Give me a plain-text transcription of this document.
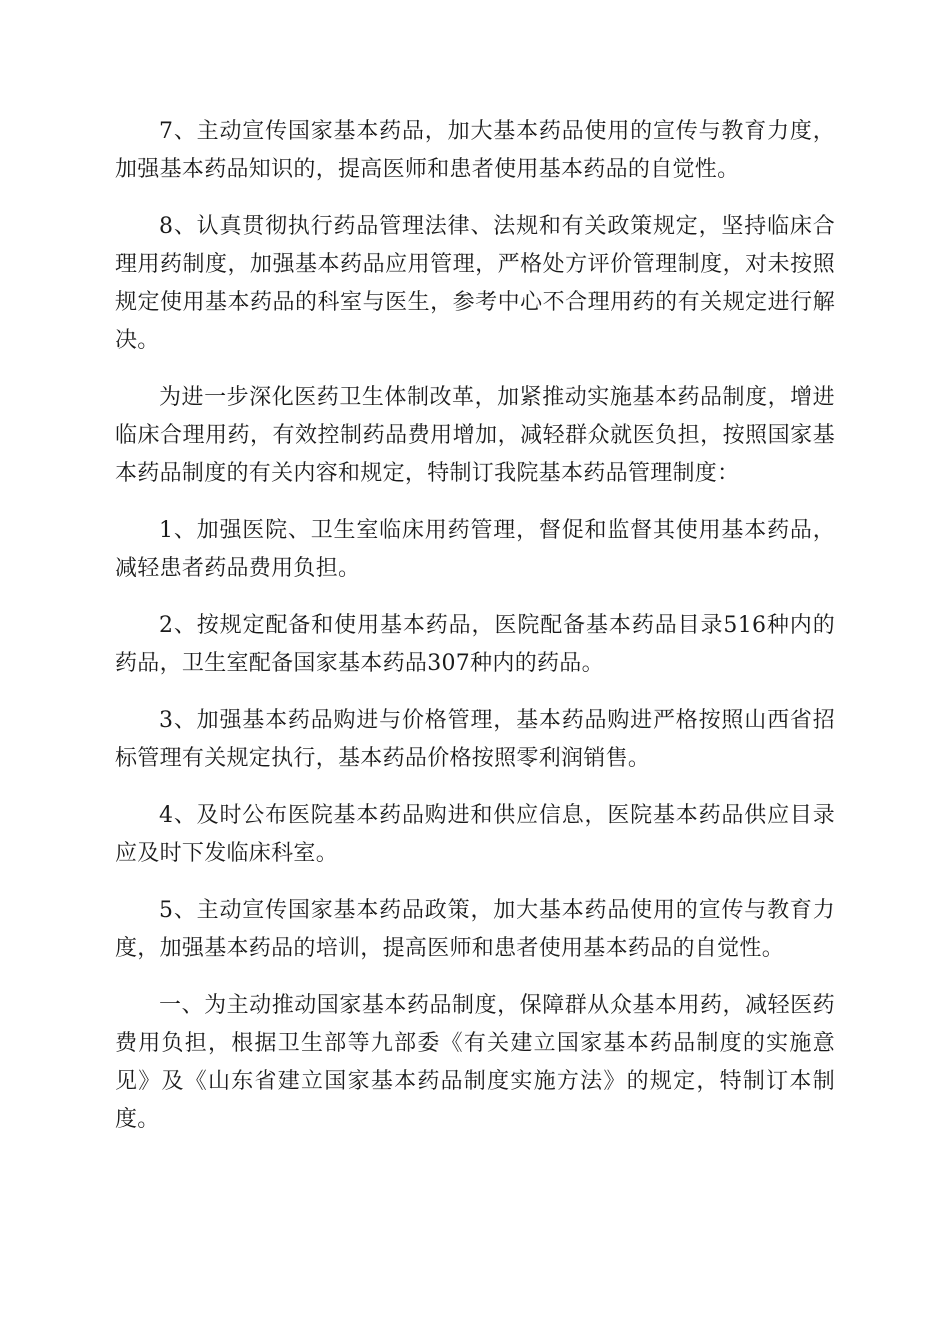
7、主动宣传国家基本药品，加大基本药品使用的宣传与教育力度，加强基本药品知识的，提高医师和患者使用基本药品的自觉性。

8、认真贯彻执行药品管理法律、法规和有关政策规定，坚持临床合理用药制度，加强基本药品应用管理，严格处方评价管理制度，对未按照规定使用基本药品的科室与医生，参考中心不合理用药的有关规定进行解决。

为进一步深化医药卫生体制改革，加紧推动实施基本药品制度，增进临床合理用药，有效控制药品费用增加，减轻群众就医负担，按照国家基本药品制度的有关内容和规定，特制订我院基本药品管理制度：

1、加强医院、卫生室临床用药管理，督促和监督其使用基本药品，减轻患者药品费用负担。

2、按规定配备和使用基本药品，医院配备基本药品目录516种内的药品，卫生室配备国家基本药品307种内的药品。

3、加强基本药品购进与价格管理，基本药品购进严格按照山西省招标管理有关规定执行，基本药品价格按照零利润销售。

4、及时公布医院基本药品购进和供应信息，医院基本药品供应目录应及时下发临床科室。

5、主动宣传国家基本药品政策，加大基本药品使用的宣传与教育力度，加强基本药品的培训，提高医师和患者使用基本药品的自觉性。

一、为主动推动国家基本药品制度，保障群从众基本用药，减轻医药费用负担，根据卫生部等九部委《有关建立国家基本药品制度的实施意见》及《山东省建立国家基本药品制度实施方法》的规定，特制订本制度。
